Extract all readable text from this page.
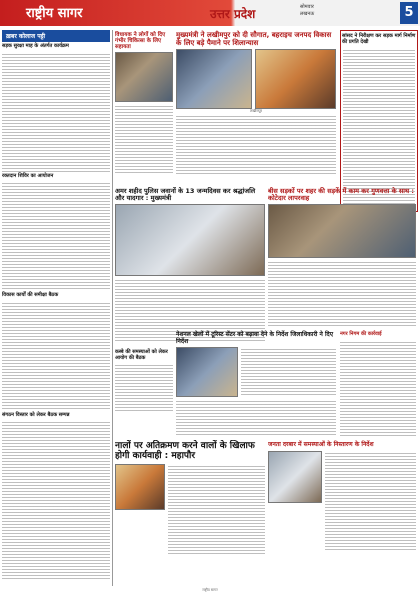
राष्ट्रीय सागर	उत्तर प्रदेश	सोमवार
लखनऊ	5
ख़बर कोलाज पट्टी
सड़क सुरक्षा माह के अंतर्गत कार्यक्रम
रक्तदान शिविर का आयोजन
विकास कार्यों की समीक्षा बैठक
संगठन विस्तार को लेकर बैठक सम्पन्न
विधायक ने लोगों को दिए गंभीर चिकित्सा के लिए सहायता
मुख्यमंत्री ने लखीमपुर को दी सौगात, बहराइच जनपद विकास के लिए बड़े पैमाने पर शिलान्यास
लखीमपुर
सांसद ने निरीक्षण कर सड़क मार्ग निर्माण की प्रगति देखी
अमर शहीद पुलिस जवानों के 13 जन्मदिवस कर श्रद्धांजलि और यादगार : मुख्यमंत्री
बीस सड़कों पर शहर की सड़कें में काम कर गुणवत्ता के साथ : कोटेदार लापरवाह
कस्बे की समस्याओं को लेकर आयोग की बैठक
नेशनल खेलों में टूरिस्ट सेंटर को बढ़ावा देने के निर्देश जिलाधिकारी ने दिए निर्देश
नगर निगम की कार्रवाई
नालों पर अतिक्रमण करने वालों के खिलाफ होगी कार्यवाही : महापौर
जनता दरबार में समस्याओं के निस्तारण के निर्देश
राष्ट्रीय सागर
